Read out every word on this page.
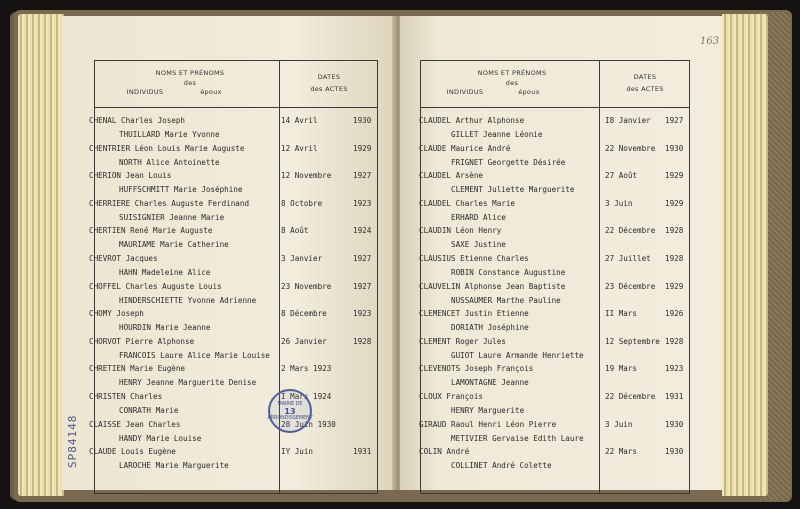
NOMS ET PRÉNOMS
des
INDIVIDUS	époux
DATES
des ACTES
CHENAL Charles Joseph
THUILLARD Marie Yvonne
14 Avril	1930
CHENTRIER Léon Louis Marie Auguste
NORTH Alice Antoinette
12 Avril	1929
CHERION Jean Louis
HUFFSCHMITT Marie Joséphine
12 Novembre	1927
CHERRIERE Charles Auguste Ferdinand
SUISIGNIER Jeanne Marie
8 Octobre	1923
CHERTIEN René Marie Auguste
MAURIAME Marie Catherine
8 Août	1924
CHEVROT Jacques
HAHN Madeleine Alice
3 Janvier	1927
CHOFFEL Charles Auguste Louis
HINDERSCHIETTE Yvonne Adrienne
23 Novembre	1927
CHOMY Joseph
HOURDIN Marie Jeanne
8 Décembre	1923
CHORVOT Pierre Alphonse
FRANCOIS Laure Alice Marie Louise
26 Janvier	1928
CHRETIEN Marie Eugène
HENRY Jeanne Marguerite Denise
2 Mars 1923
CHRISTEN Charles
CONRATH Marie
I Mars 1924
CLAISSE Jean Charles
HANDY Marie Louise
28 Juin 1930
CLAUDE Louis Eugène
LAROCHE Marie Marguerite
IY Juin	1931
SP84148
NOMS ET PRÉNOMS
des
INDIVIDUS	époux
DATES
des ACTES
CLAUDEL Arthur Alphonse
GILLET Jeanne Léonie
I8 Janvier 1927
CLAUDE Maurice André
FRIGNET Georgette Désirée
22 Novembre 1930
CLAUDEL Arsène
CLEMENT Juliette Marguerite
27 Août	1929
CLAUDEL Charles Marie
ERHARD Alice
3 Juin	1929
CLAUDIN Léon Henry
SAXE Justine
22 Décembre 1928
CLAUSIUS Etienne Charles
ROBIN Constance Augustine
27 Juillet 1928
CLAUVELIN Alphonse Jean Baptiste
NUSSAUMER Marthe Pauline
23 Décembre 1929
CLEMENCET Justin Etienne
DORIATH Joséphine
II Mars	1926
CLEMENT Roger Jules
GUIOT Laure Armande Henriette
12 Septembre 1928
CLEVENOTS Joseph François
LAMONTAGNE Jeanne
19 Mars	1923
CLOUX François
HENRY Marguerite
22 Décembre 1931
GIRAUD Raoul Henri Léon Pierre
METIVIER Gervaise Edith Laure
3 Juin	1930
COLIN André
COLLINET André Colette
22 Mars	1930
MAIRIE DE
13
ARRONDISSEMENT
163
